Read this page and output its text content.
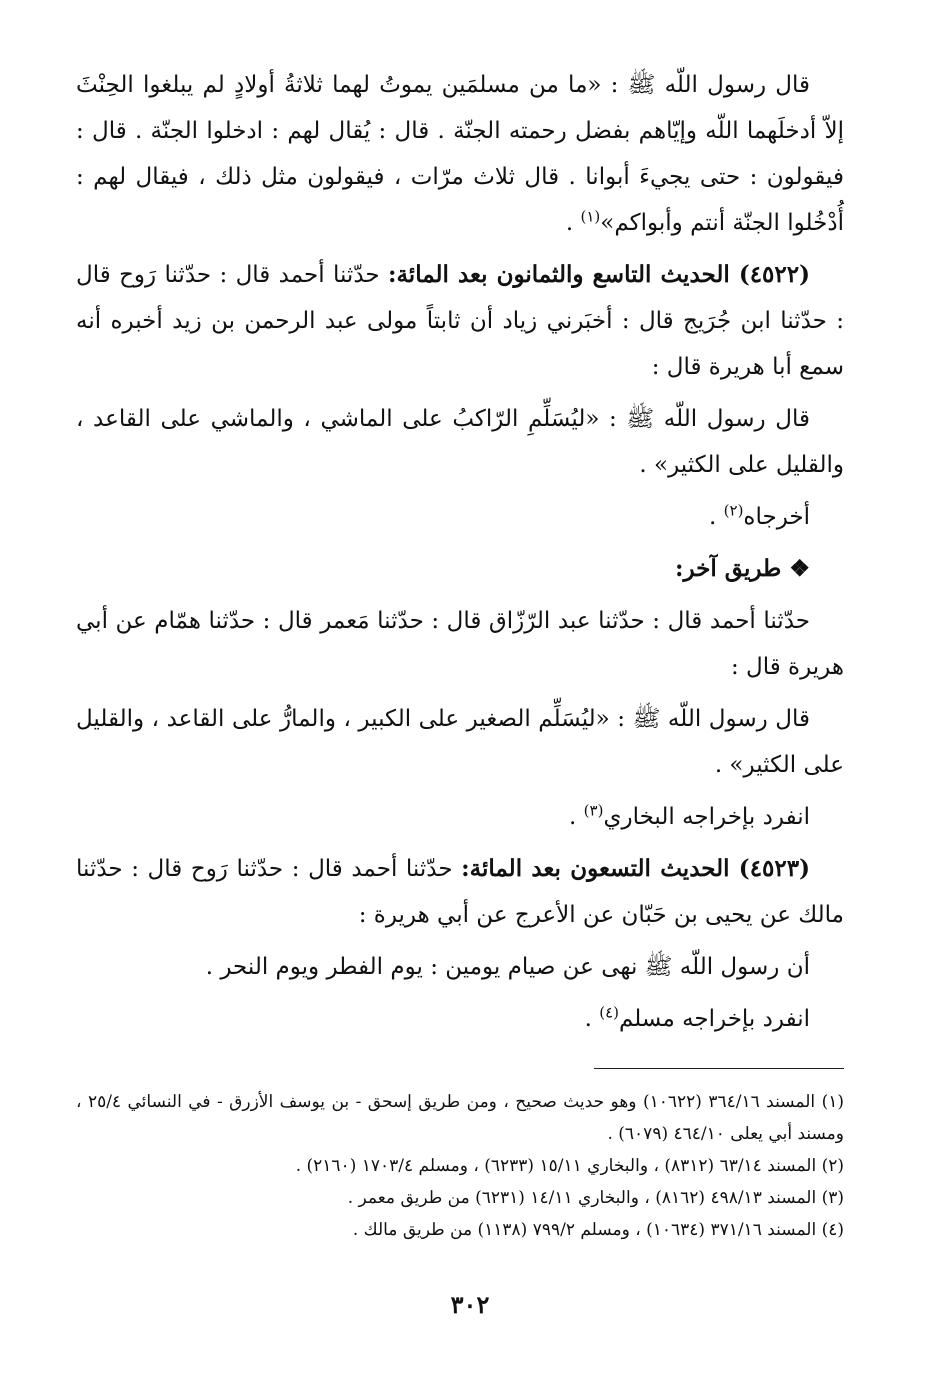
قال رسول اللّه ﷺ : «ما من مسلمَين يموتُ لهما ثلاثةُ أولادٍ لم يبلغوا الحِنْثَ إلاّ أدخلَهما اللّه وإيّاهم بفضل رحمته الجنّة . قال : يُقال لهم : ادخلوا الجنّة . قال : فيقولون : حتى يجيءَ أبوانا . قال ثلاث مرّات ، فيقولون مثل ذلك ، فيقال لهم : أُدْخُلوا الجنّة أنتم وأبواكم»$^{(١)}$ .

(٤٥٢٢) الحديث التاسع والثمانون بعد المائة: حدّثنا أحمد قال : حدّثنا رَوح قال : حدّثنا ابن جُرَيج قال : أخبَرني زياد أن ثابتاً مولى عبد الرحمن بن زيد أخبره أنه سمع أبا هريرة قال :

قال رسول اللّه ﷺ : «ليُسَلِّمِ الرّاكبُ على الماشي ، والماشي على القاعد ، والقليل على الكثير» .

أخرجاه$^{(٢)}$ .

❖ طريق آخر:

حدّثنا أحمد قال : حدّثنا عبد الرّزّاق قال : حدّثنا مَعمر قال : حدّثنا همّام عن أبي هريرة قال :

قال رسول اللّه ﷺ : «ليُسَلِّم الصغير على الكبير ، والمارُّ على القاعد ، والقليل على الكثير» .

انفرد بإخراجه البخاري$^{(٣)}$ .

(٤٥٢٣) الحديث التسعون بعد المائة: حدّثنا أحمد قال : حدّثنا رَوح قال : حدّثنا مالك عن يحيى بن حَبّان عن الأعرج عن أبي هريرة :

أن رسول اللّه ﷺ نهى عن صيام يومين : يوم الفطر ويوم النحر .

انفرد بإخراجه مسلم$^{(٤)}$ .

(١) المسند ٣٦٤/١٦ (١٠٦٢٢) وهو حديث صحيح ، ومن طريق إسحق - بن يوسف الأزرق - في النسائي ٢٥/٤ ، ومسند أبي يعلى ٤٦٤/١٠ (٦٠٧٩) .

(٢) المسند ٦٣/١٤ (٨٣١٢) ، والبخاري ١٥/١١ (٦٢٣٣) ، ومسلم ١٧٠٣/٤ (٢١٦٠) .

(٣) المسند ٤٩٨/١٣ (٨١٦٢) ، والبخاري ١٤/١١ (٦٢٣١) من طريق معمر .

(٤) المسند ٣٧١/١٦ (١٠٦٣٤) ، ومسلم ٧٩٩/٢ (١١٣٨) من طريق مالك .

٣٠٢
